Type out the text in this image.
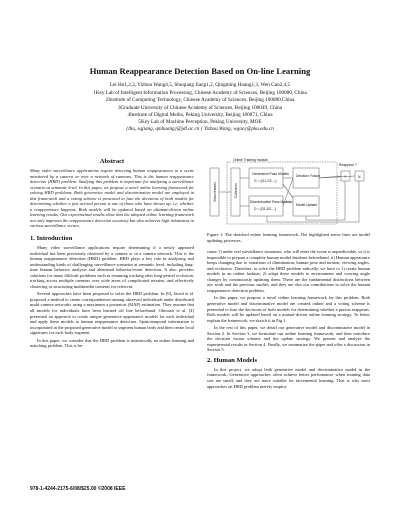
Human Reappearance Detection Based on On-line Learning
Lei Hu1,2,3, Yizhou Wang4,5, Shuqiang Jiang1,2, Qingming Huang1,3, Wen Gao2,4,5
1Key Lab of Intelligent Information Processing, Chinese Academy of Sciences, Beijing 100080, China
2Institute of Computing Technology, Chinese Academy of Sciences, Beijing 100080,China
3Graduate University of Chinese Academy of Sciences, Beijing 100049, China
4Institute of Digital Media, Peking University, Beijing 100871, China
5Key Lab of Machine Perception, Peking University, MOE
{lhu, sqjiang, qmhuang}@jdl.ac.cn { Yizhou.Wang, wgao}@pku.edu.cn
Abstract

Many video surveillance applications require detecting human reappearances in a scene monitored by a camera or over a network of cameras. This is the human reappearance detection (HRD) problem. Studying this problem is important for analyzing a surveillance scenario at semantic level. In this paper, we propose a novel online learning framework for solving HRD problems. Both generative model and discriminative model are employed in this framework and a voting scheme is presented to fuse the decisions of both models for determining whether a just arrived person is one of those who have shown up, i.e. whether a reappearance happens. Both models will be updated based on ultimate-driven online learning results. Our experimental results show that the adopted online learning framework not only improves the reappearance detection accuracy but also achieves high robustness in various surveillance scenes.

1. Introduction

Many video surveillance applications require determining if a newly appeared individual has been previously observed by a camera or in a camera network. This is the human reappearance detection (HRD) problem. HRD plays a key role in analyzing and understanding kinds of challenging surveillance scenarios at semantic level, including long-time human behavior analysis and abnormal behavior/event detection. It also provides solutions for many difficult problems such as resuming tracking after long-period occlusion, tracking across multiple cameras over wide areas of complicated terrains, and effectively clustering or structuring multimedia contents for retrieval.

Several approaches have been proposed to solve the HRD problem. In [6], Javed et al. proposed a method to create correspondences among observed individuals under distributed multi-camera networks using a maximum a posteriori (MAP) estimation. They assume that all models for individuals have been learned off line beforehand. Ghessari et al. [4] presented an approach to create unique generative appearance models for each individual and apply these models to human reappearance detection. Spatiotemporal information is incorporated in the proposed generative model to segment human body and then create local signatures for each body segment.

In this paper, we consider that the HRD problem is intrinsically an online learning and matching problem. This is be-

Online Training module
Video frames	Collection
Generative Pass Models
G = {G1,G2,...}
Discriminative Pass Models
D = {D1,D2,...}
Decision Fusion
Model Update
Reappear ?
Y	N

Figure 1: The sketched online learning framework. The highlighted arrow lines are model updating processes.

cause 1) under real surveillance situations, who will enter the scene is unpredictable, so it is impossible to prepare a complete human model database beforehand. ii) Human appearance keeps changing due to variations of illumination, human pose and motion, viewing angles, and occlusion. Therefore, to solve the HRD problem radically, we have to 1) create human models in an online fashion; 2) adapt these models to environment and viewing angle changes by continuously updating them. These are the fundamental distinctions between our work and the previous studies, and they are also our contributions to solve the human reappearance detection problem.

In this paper, we propose a novel online learning framework for this problem. Both generative model and discriminative model are created online and a voting scheme is presented to fuse the decisions of both models for determining whether a person reappears. Both models will be updated based on a mutual-driven online learning strategy. To better explain the framework, we sketch it in Fig.1.

In the rest of this paper, we detail our generative model and discriminative model in Section 2. In Section 3, we formulate our online learning framework, and then introduce the decision fusion scheme and the update strategy. We present and analyze the experimental results in Section 4. Finally, we summarize the paper and offer a discussion in Section 5.

2. Human Models

In this project, we adopt both generative model and discriminative model in the framework. Generative approaches often achieve better performance when training data sets are small, and they are more suitable for incremental learning. That is why most approaches on HRD problem merely employ

978-1-4244-2175-6/08/$25.00 ©2008 IEEE
